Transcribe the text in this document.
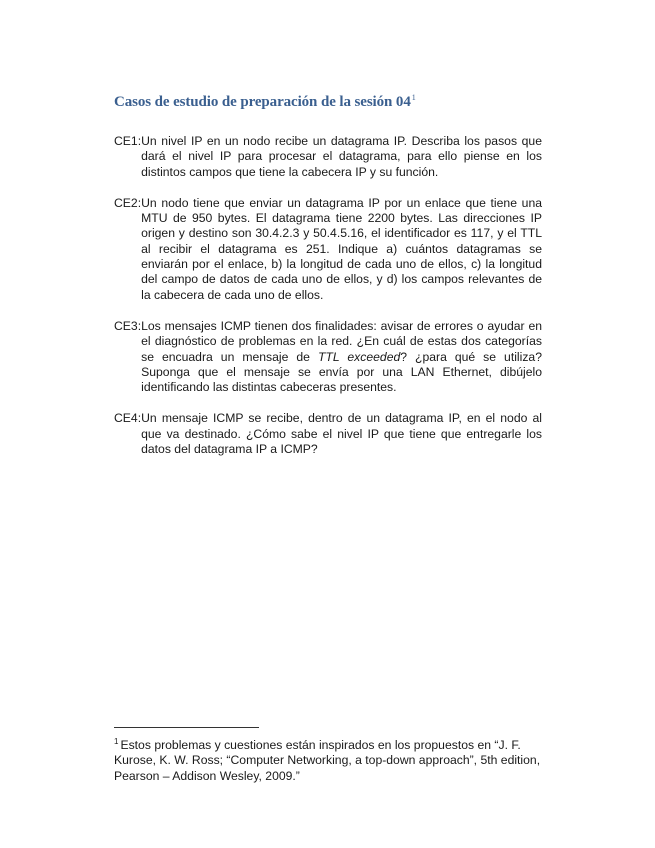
Casos de estudio de preparación de la sesión $04^1$
CE1: Un nivel IP en un nodo recibe un datagrama IP. Describa los pasos que dará el nivel IP para procesar el datagrama, para ello piense en los distintos campos que tiene la cabecera IP y su función.
CE2: Un nodo tiene que enviar un datagrama IP por un enlace que tiene una MTU de 950 bytes. El datagrama tiene 2200 bytes. Las direcciones IP origen y destino son 30.4.2.3 y 50.4.5.16, el identificador es 117, y el TTL al recibir el datagrama es 251. Indique a) cuántos datagramas se enviarán por el enlace, b) la longitud de cada uno de ellos, c) la longitud del campo de datos de cada uno de ellos, y d) los campos relevantes de la cabecera de cada uno de ellos.
CE3: Los mensajes ICMP tienen dos finalidades: avisar de errores o ayudar en el diagnóstico de problemas en la red. ¿En cuál de estas dos categorías se encuadra un mensaje de TTL exceeded? ¿para qué se utiliza? Suponga que el mensaje se envía por una LAN Ethernet, dibújelo identificando las distintas cabeceras presentes.
CE4: Un mensaje ICMP se recibe, dentro de un datagrama IP, en el nodo al que va destinado. ¿Cómo sabe el nivel IP que tiene que entregarle los datos del datagrama IP a ICMP?
$^1$ Estos problemas y cuestiones están inspirados en los propuestos en “J. F. Kurose, K. W. Ross; “Computer Networking, a top-down approach”, 5th edition, Pearson – Addison Wesley, 2009.”
